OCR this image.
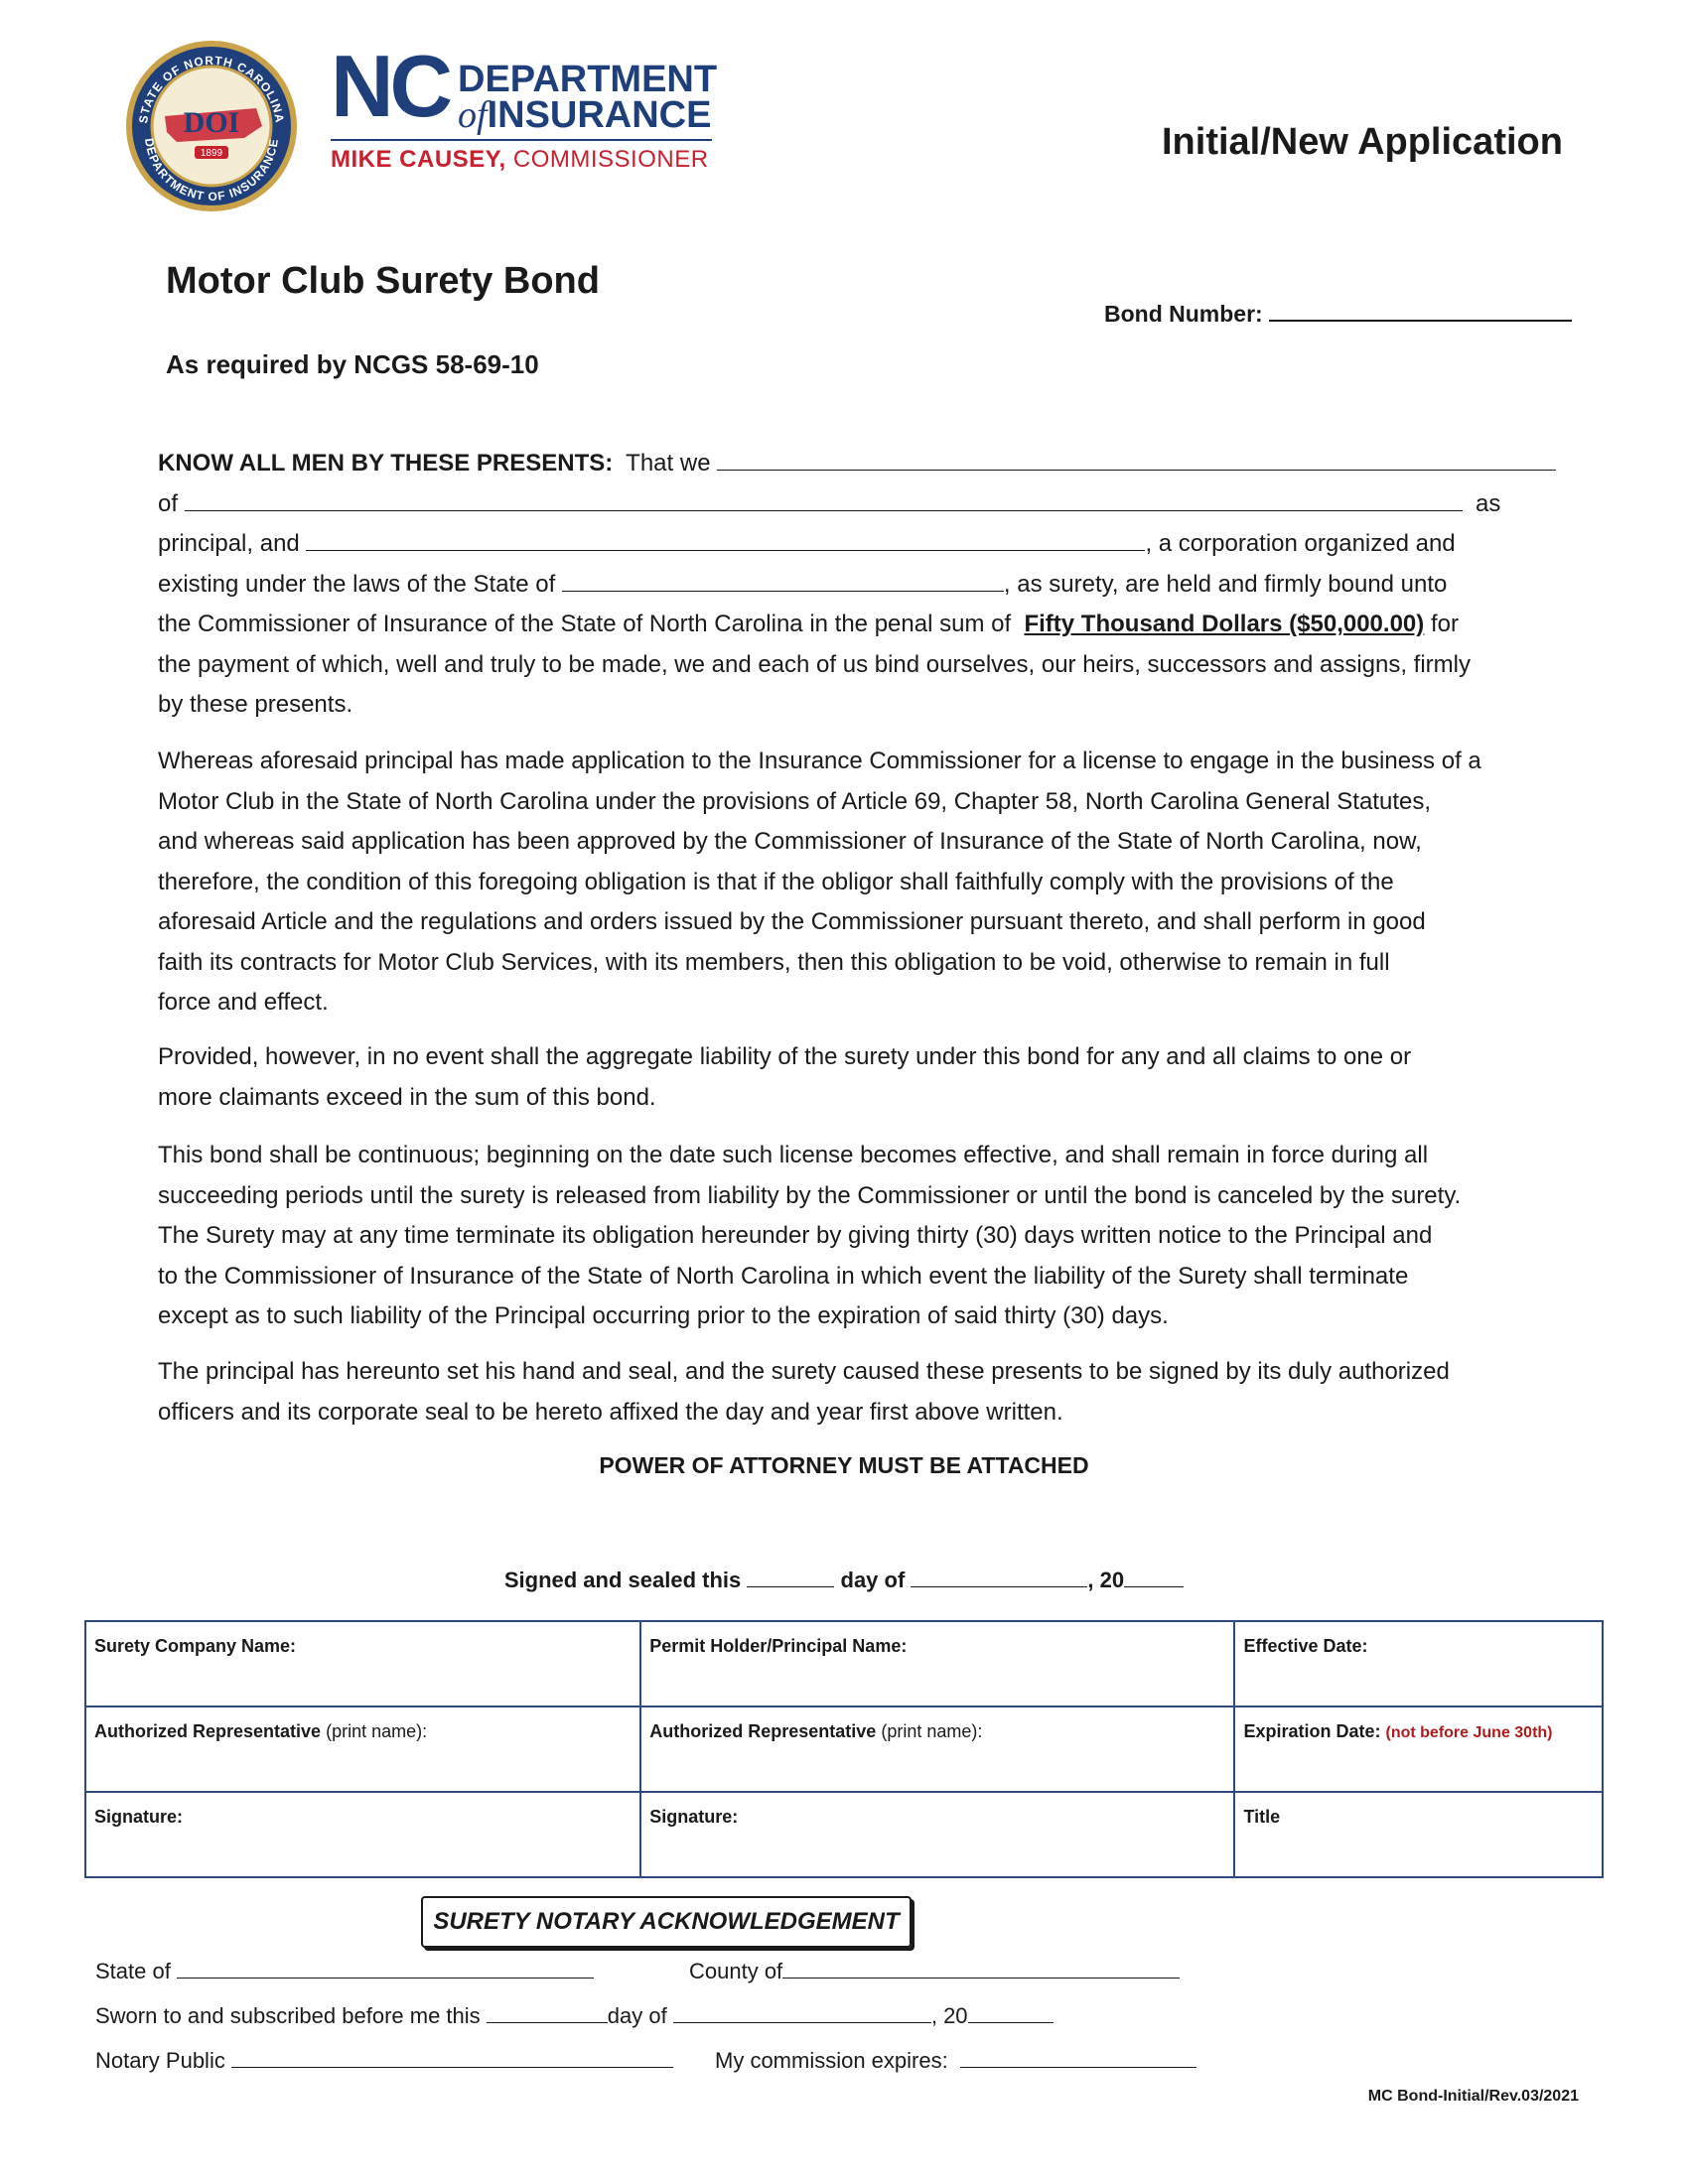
STATE OF NORTH CAROLINA
DEPARTMENT OF INSURANCE
DOI
1899
NC DEPARTMENT
ofINSURANCE
MIKE CAUSEY, COMMISSIONER	Initial/New Application
Motor Club Surety Bond
Bond Number:
As required by NCGS 58-69-10
KNOW ALL MEN BY THESE PRESENTS: That we
of	as
principal, and	, a corporation organized and
existing under the laws of the State of	, as surety, are held and firmly bound unto
the Commissioner of Insurance of the State of North Carolina in the penal sum of Fifty Thousand Dollars ($50,000.00) for
the payment of which, well and truly to be made, we and each of us bind ourselves, our heirs, successors and assigns, firmly
by these presents.
Whereas aforesaid principal has made application to the Insurance Commissioner for a license to engage in the business of a
Motor Club in the State of North Carolina under the provisions of Article 69, Chapter 58, North Carolina General Statutes,
and whereas said application has been approved by the Commissioner of Insurance of the State of North Carolina, now,
therefore, the condition of this foregoing obligation is that if the obligor shall faithfully comply with the provisions of the
aforesaid Article and the regulations and orders issued by the Commissioner pursuant thereto, and shall perform in good
faith its contracts for Motor Club Services, with its members, then this obligation to be void, otherwise to remain in full
force and effect.
Provided, however, in no event shall the aggregate liability of the surety under this bond for any and all claims to one or
more claimants exceed in the sum of this bond.
This bond shall be continuous; beginning on the date such license becomes effective, and shall remain in force during all
succeeding periods until the surety is released from liability by the Commissioner or until the bond is canceled by the surety.
The Surety may at any time terminate its obligation hereunder by giving thirty (30) days written notice to the Principal and
to the Commissioner of Insurance of the State of North Carolina in which event the liability of the Surety shall terminate
except as to such liability of the Principal occurring prior to the expiration of said thirty (30) days.
The principal has hereunto set his hand and seal, and the surety caused these presents to be signed by its duly authorized
officers and its corporate seal to be hereto affixed the day and year first above written.
POWER OF ATTORNEY MUST BE ATTACHED
Signed and sealed this	day of	, 20
Surety Company Name:	Permit Holder/Principal Name:	Effective Date:
Authorized Representative (print name):	Authorized Representative (print name):	Expiration Date: (not before June 30th)
Signature:	Signature:	Title
SURETY NOTARY ACKNOWLEDGEMENT
State of	County of
Sworn to and subscribed before me this	day of	, 20
Notary Public	My commission expires:
MC Bond-Initial/Rev.03/2021
